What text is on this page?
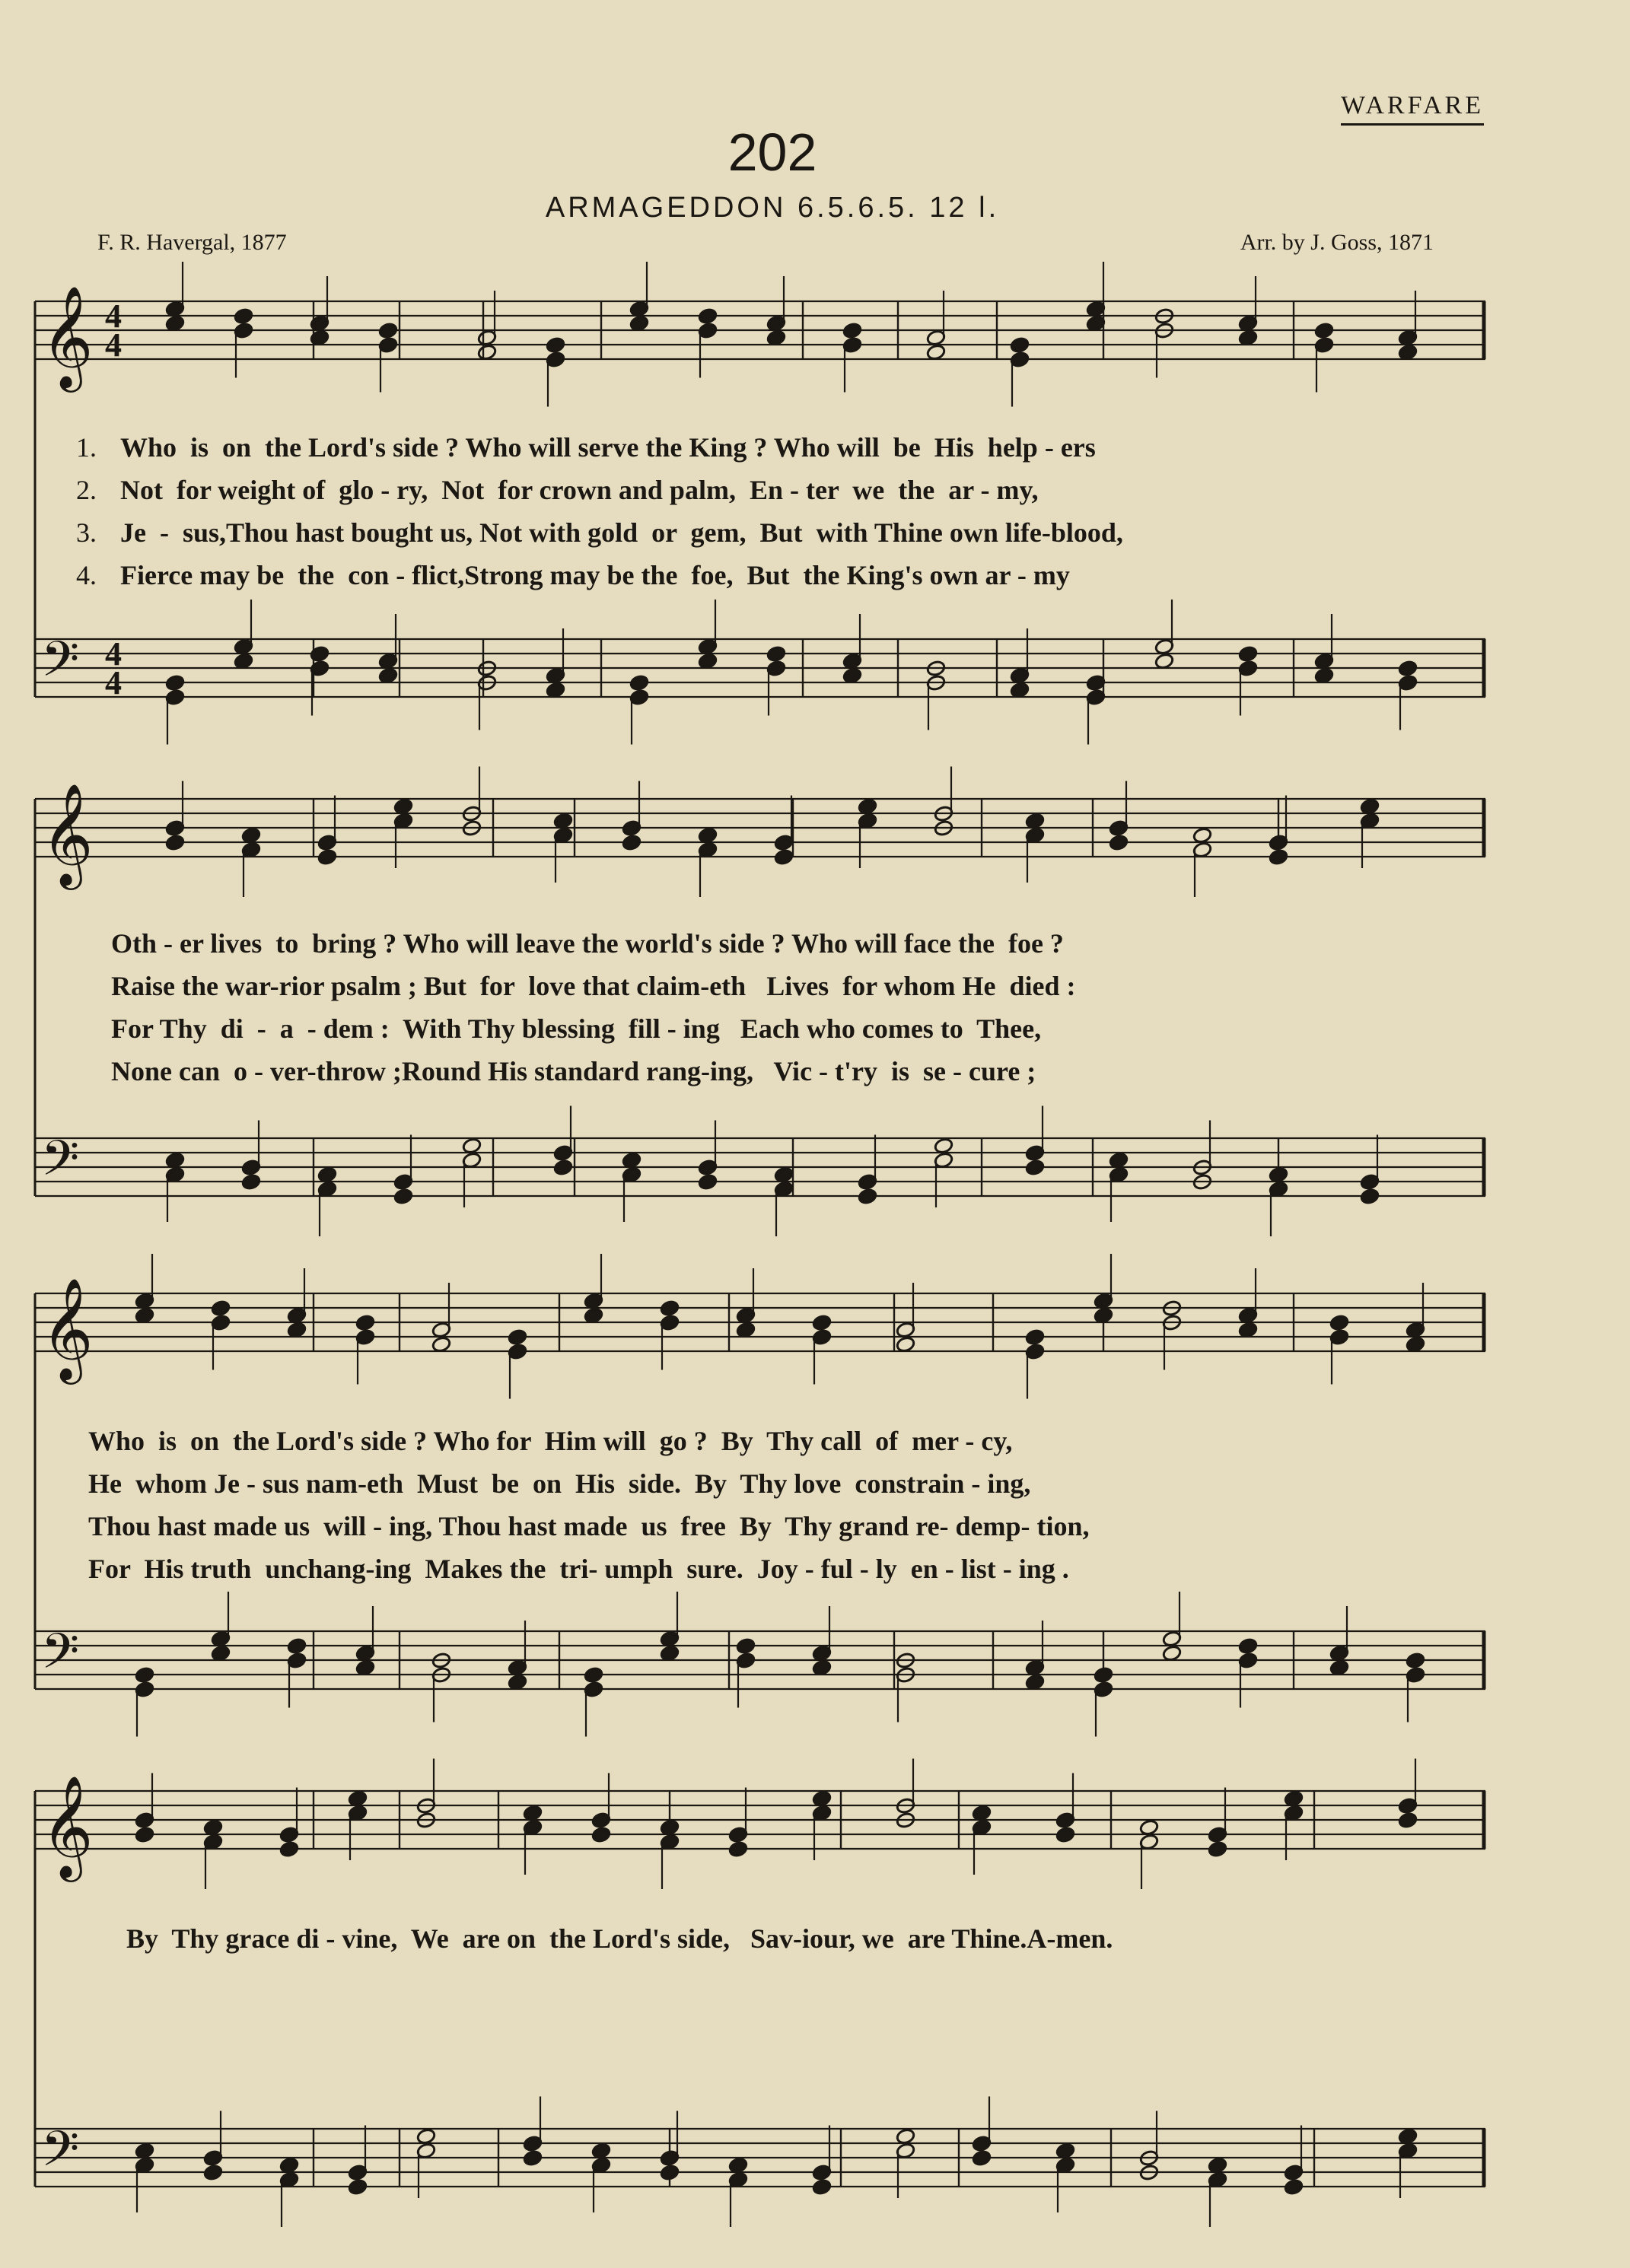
WARFARE
202
ARMAGEDDON 6.5.6.5. 12 l.
F. R. Havergal, 1877	Arr. by J. Goss, 1871
𝄞 4
4
𝄢 4
4
𝄞
𝄢
𝄞
𝄢
𝄞
𝄢
1. Who  is  on  the Lord's side ? Who will serve the King ? Who will  be  His  help - ers
2. Not  for weight of  glo - ry,  Not  for crown and palm,  En - ter  we  the  ar - my,
3. Je  -  sus,Thou hast bought us, Not with gold  or  gem,  But  with Thine own life-blood,
4. Fierce may be  the  con - flict,Strong may be the  foe,  But  the King's own ar - my
Oth - er lives  to  bring ? Who will leave the world's side ? Who will face the  foe ?
Raise the war-rior psalm ; But  for  love that claim-eth   Lives  for whom He  died :
For Thy  di  -  a  - dem :  With Thy blessing  fill - ing   Each who comes to  Thee,
None can  o - ver-throw ;Round His standard rang-ing,   Vic - t'ry  is  se - cure ;
Who  is  on  the Lord's side ? Who for  Him will  go ?  By  Thy call  of  mer - cy,
He  whom Je - sus nam-eth  Must  be  on  His  side.  By  Thy love  constrain - ing,
Thou hast made us  will - ing, Thou hast made  us  free  By  Thy grand re- demp- tion,
For  His truth  unchang-ing  Makes the  tri- umph  sure.  Joy - ful - ly  en - list - ing .
By  Thy grace di - vine,  We  are on  the Lord's side,   Sav-iour, we  are Thine.A-men.
